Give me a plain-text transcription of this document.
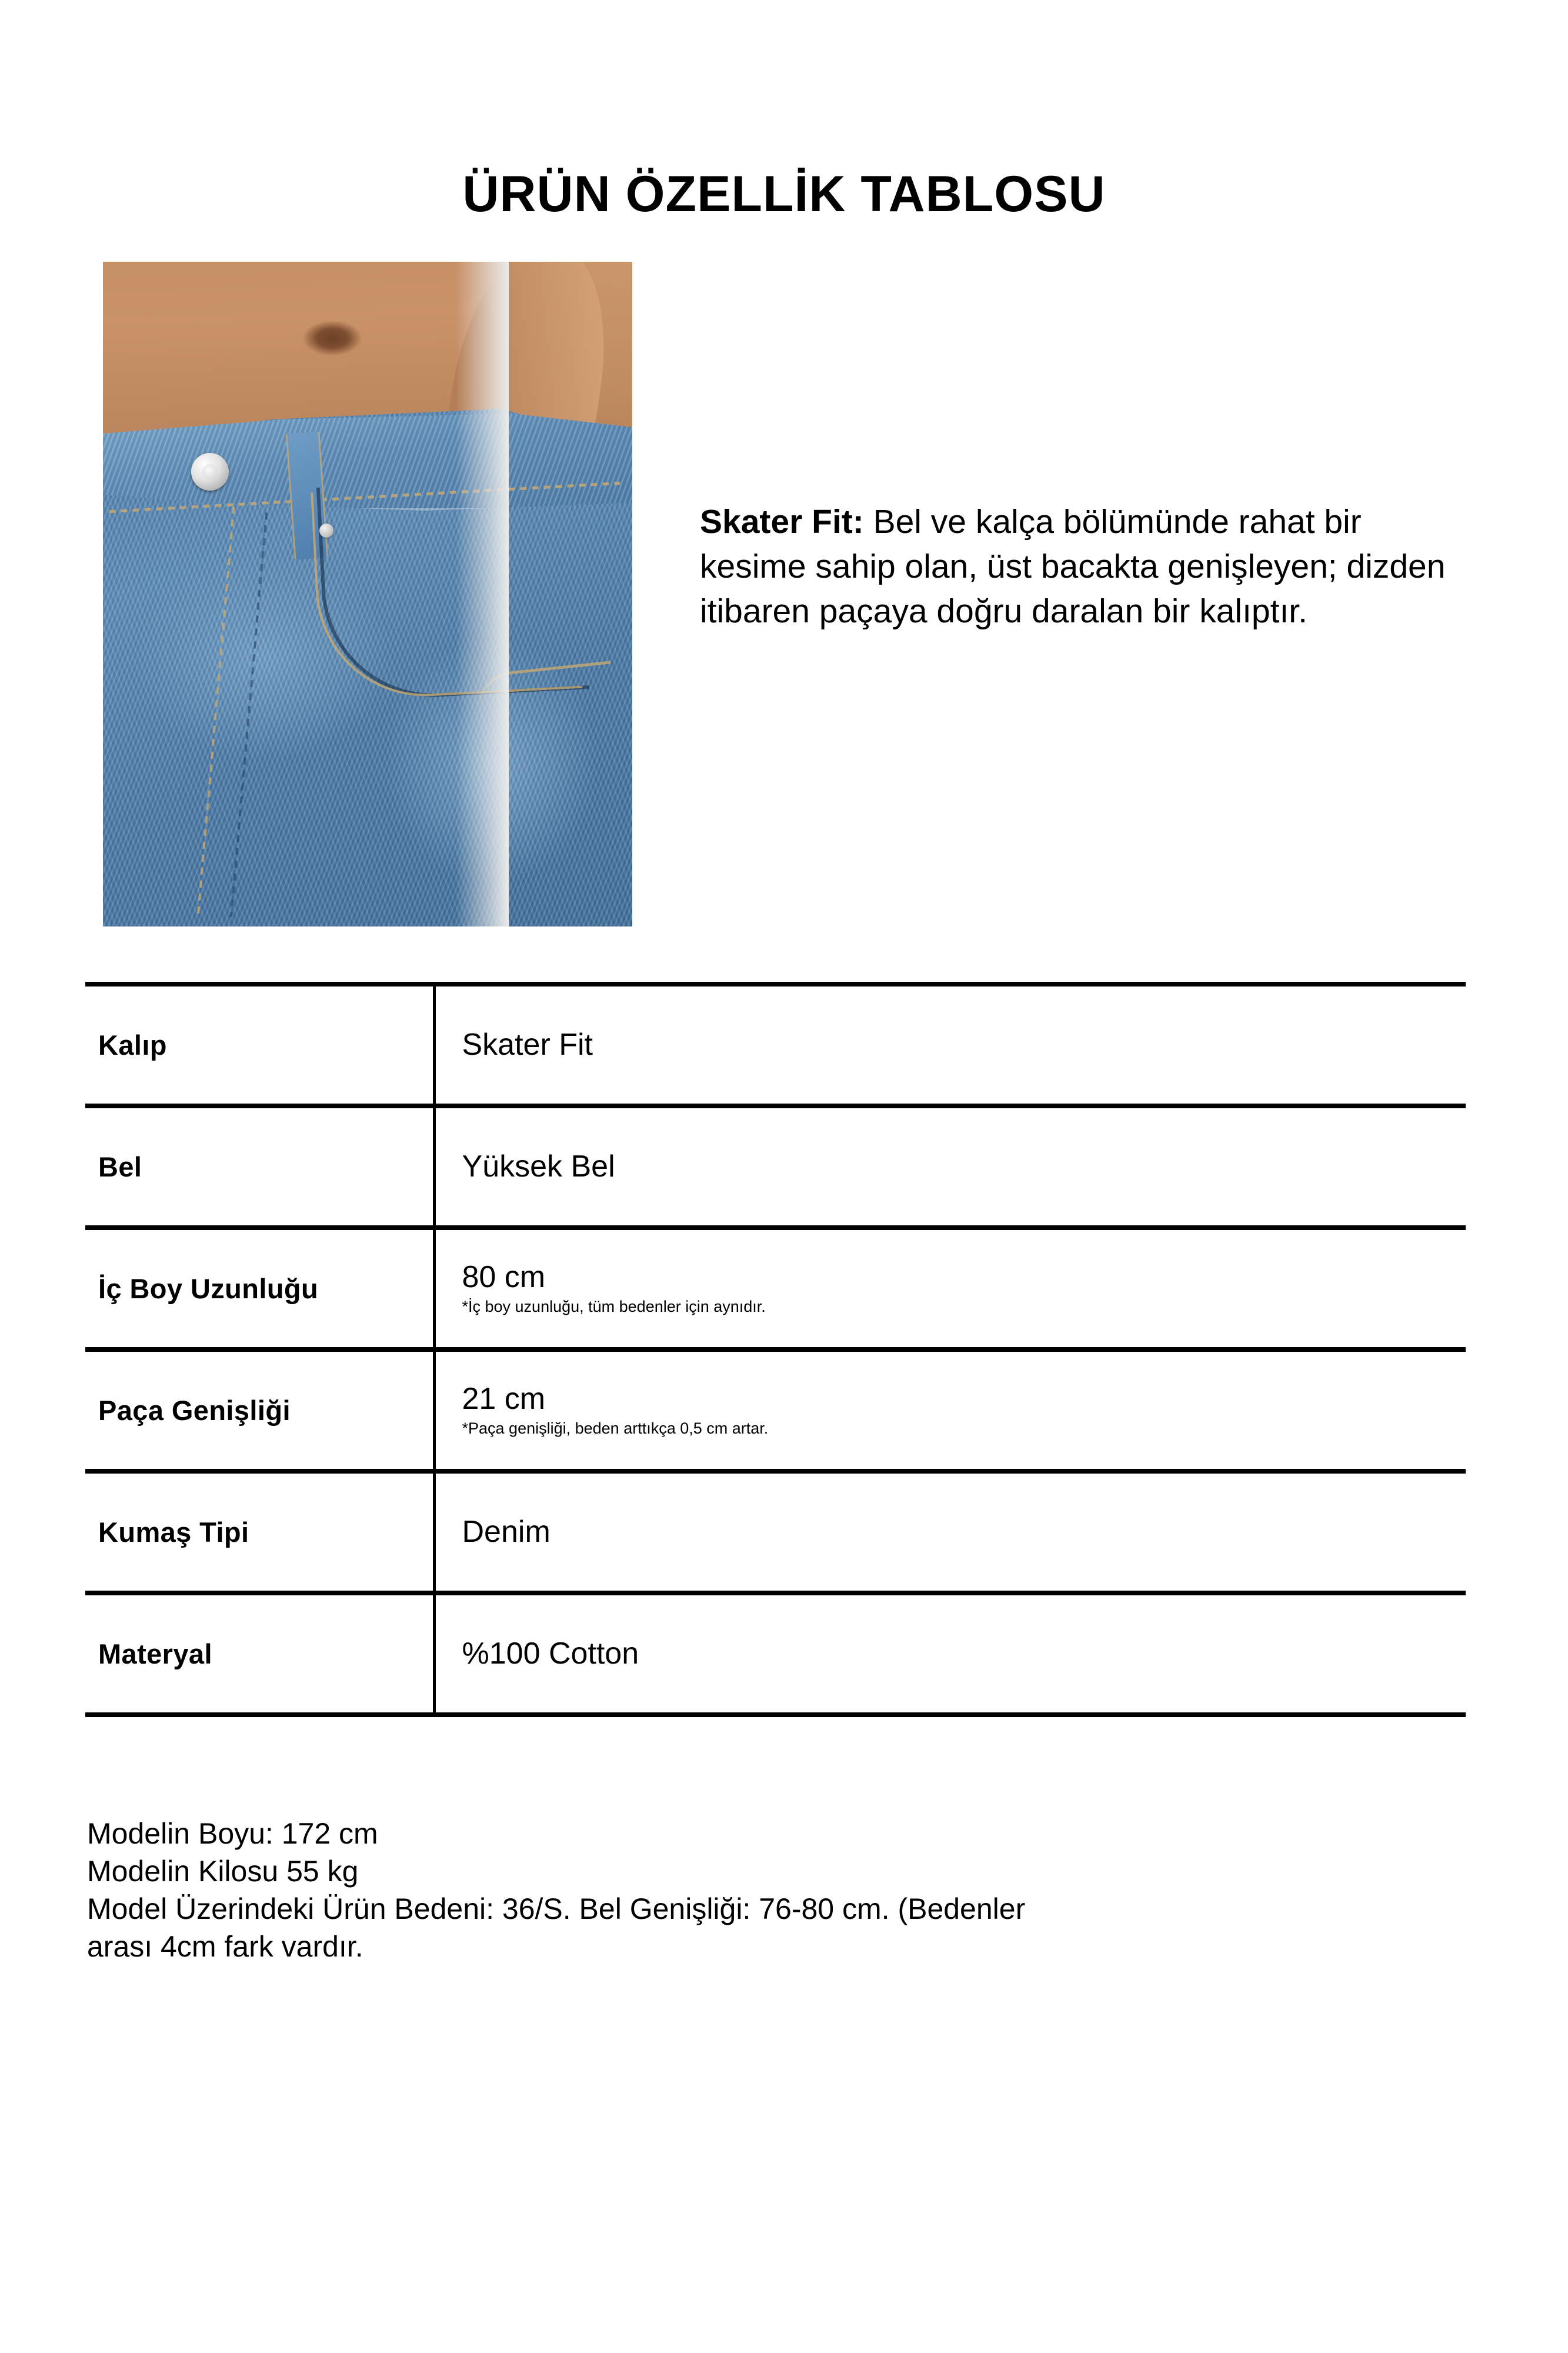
ÜRÜN ÖZELLİK TABLOSU
Skater Fit: Bel ve kalça bölümünde rahat bir kesime sahip olan, üst bacakta genişleyen; dizden itibaren paçaya doğru daralan bir kalıptır.
Kalıp	Skater Fit
Bel	Yüksek Bel
İç Boy Uzunluğu	80 cm
*İç boy uzunluğu, tüm bedenler için aynıdır.

Paça Genişliği	21 cm
*Paça genişliği, beden arttıkça 0,5 cm artar.

Kumaş Tipi	Denim
Materyal	%100 Cotton
Modelin Boyu: 172 cm
Modelin Kilosu 55 kg
Model Üzerindeki Ürün Bedeni: 36/S. Bel Genişliği: 76-80 cm. (Bedenler
arası 4cm fark vardır.
